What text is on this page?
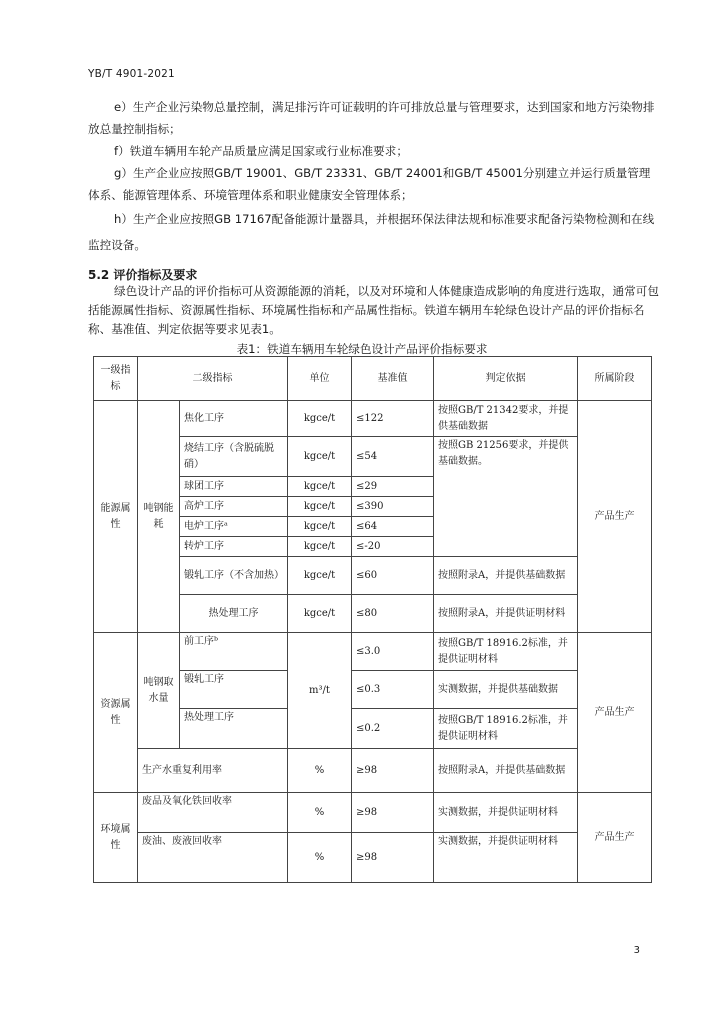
YB/T 4901-2021
e）生产企业污染物总量控制，满足排污许可证载明的许可排放总量与管理要求，达到国家和地方污染物排放总量控制指标；
f）铁道车辆用车轮产品质量应满足国家或行业标准要求；
g）生产企业应按照GB/T 19001、GB/T 23331、GB/T 24001和GB/T 45001分别建立并运行质量管理体系、能源管理体系、环境管理体系和职业健康安全管理体系；
h）生产企业应按照GB 17167配备能源计量器具，并根据环保法律法规和标准要求配备污染物检测和在线监控设备。
5.2 评价指标及要求
绿色设计产品的评价指标可从资源能源的消耗，以及对环境和人体健康造成影响的角度进行选取，通常可包括能源属性指标、资源属性指标、环境属性指标和产品属性指标。铁道车辆用车轮绿色设计产品的评价指标名称、基准值、判定依据等要求见表1。
表1：铁道车辆用车轮绿色设计产品评价指标要求
一级指标	二级指标		单位	基准值	判定依据	所属阶段
能源属性	吨钢能耗	焦化工序	kgce/t	≤122	按照GB/T 21342要求，并提供基础数据	产品生产
		烧结工序（含脱硫脱硝）	kgce/t	≤54	按照GB 21256要求，并提供基础数据。	
		球团工序	kgce/t	≤29		
		高炉工序	kgce/t	≤390		
		电炉工序ᵃ	kgce/t	≤64		
		转炉工序	kgce/t	≤-20		
		锻轧工序（不含加热）	kgce/t	≤60	按照附录A，并提供基础数据	
		热处理工序	kgce/t	≤80	按照附录A，并提供证明材料	
资源属性	吨钢取水量	前工序ᵇ	m³/t	≤3.0	按照GB/T 18916.2标准，并提供证明材料	产品生产
		锻轧工序		≤0.3	实测数据，并提供基础数据	
		热处理工序		≤0.2	按照GB/T 18916.2标准，并提供证明材料	
	生产水重复利用率		%	≥98	按照附录A，并提供基础数据	
环境属性	废品及氧化铁回收率		%	≥98	实测数据，并提供证明材料	产品生产
	废油、废液回收率		%	≥98	实测数据，并提供证明材料	
3
